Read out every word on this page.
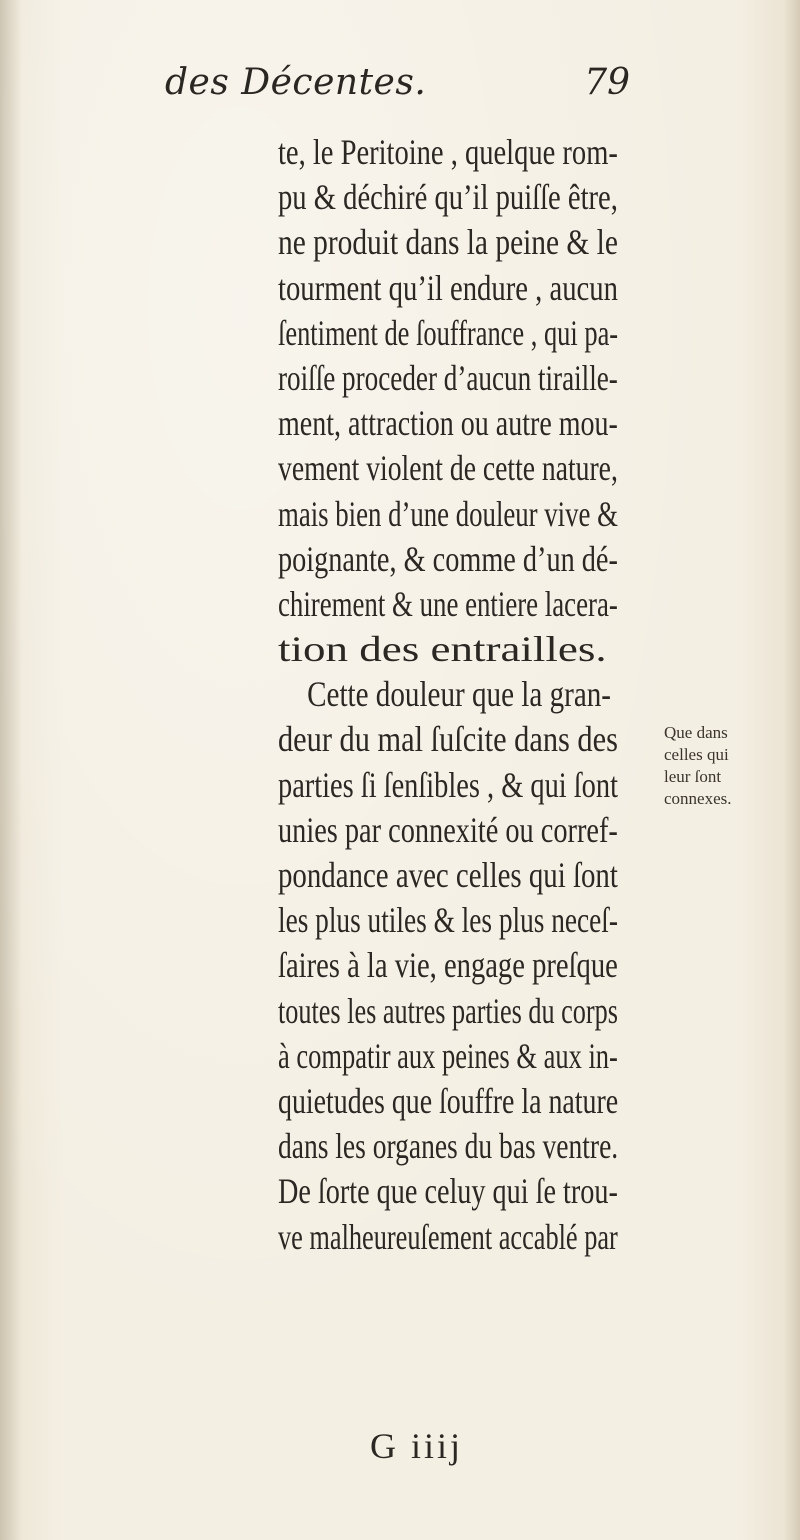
des Décentes.	79
te, le Peritoine , quelque rom-
pu & déchiré qu’il puiſſe être,
ne produit dans la peine & le
tourment qu’il endure , aucun
ſentiment de ſouffrance , qui pa-
roiſſe proceder d’aucun tiraille-
ment, attraction ou autre mou-
vement violent de cette nature,
mais bien d’une douleur vive &
poignante, & comme d’un dé-
chirement & une entiere lacera-
tion des entrailles.
Cette douleur que la gran-
deur du mal ſuſcite dans des
parties ſi ſenſibles , & qui ſont
unies par connexité ou corref-
pondance avec celles qui ſont
les plus utiles & les plus neceſ-
ſaires à la vie, engage preſque
toutes les autres parties du corps
à compatir aux peines & aux in-
quietudes que ſouffre la nature
dans les organes du bas ventre.
De ſorte que celuy qui ſe trou-
ve malheureuſement accablé par
Que dans
celles qui
leur ſont
connexes.
G iiij
